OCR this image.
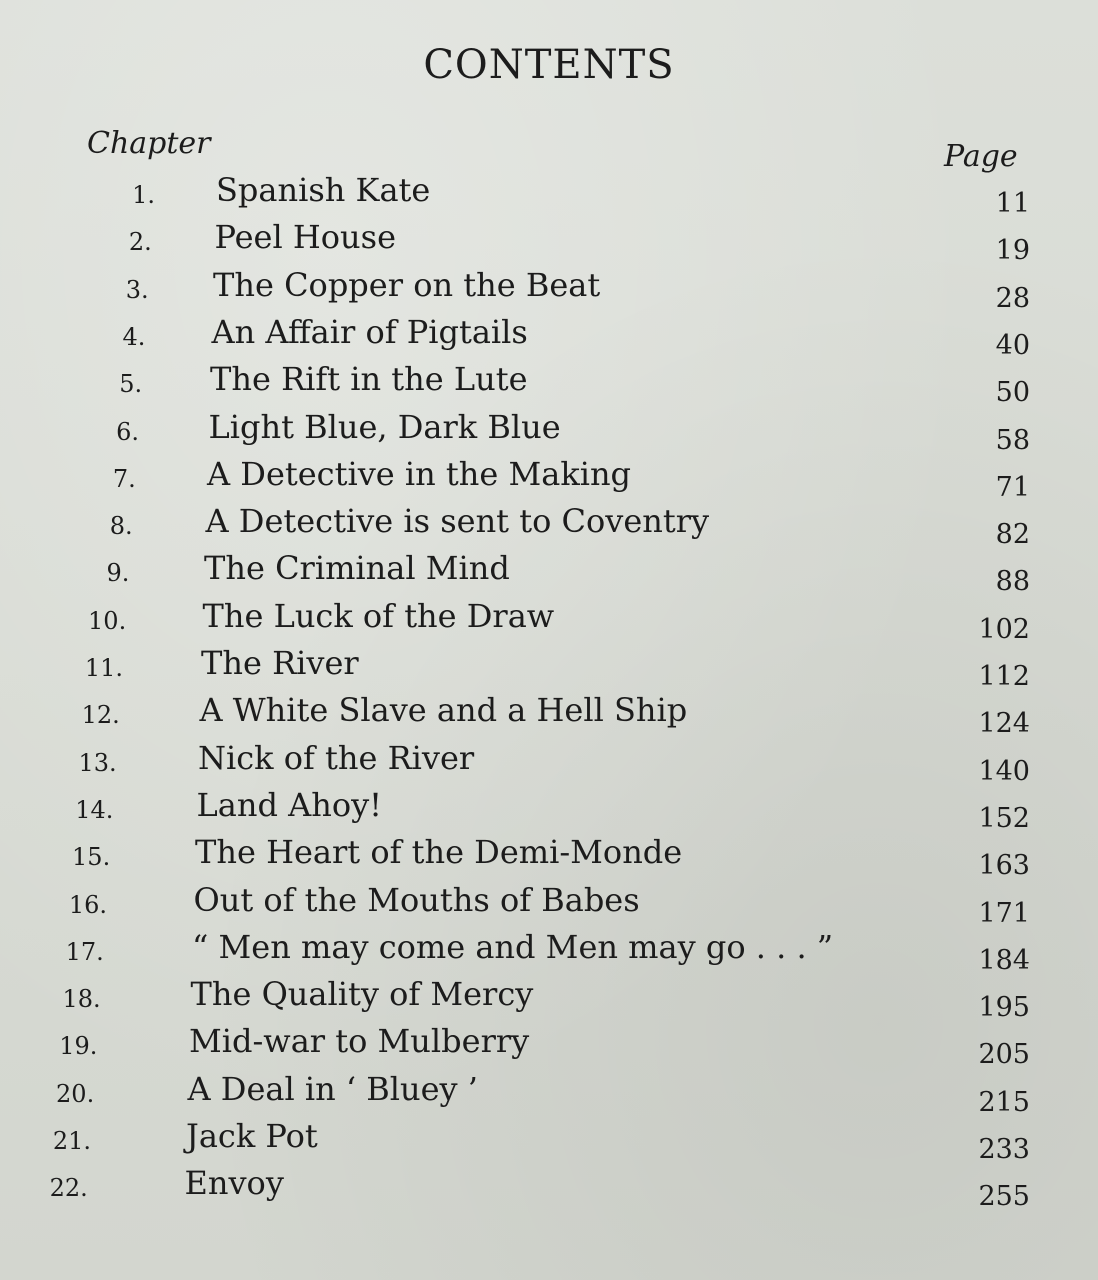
CONTENTS
Chapter	Page
1. Spanish Kate	11
2. Peel House	19
3. The Copper on the Beat	28
4. An Affair of Pigtails	40
5. The Rift in the Lute	50
6. Light Blue, Dark Blue	58
7. A Detective in the Making	71
8. A Detective is sent to Coventry	82
9. The Criminal Mind	88
10. The Luck of the Draw	102
11. The River	112
12. A White Slave and a Hell Ship	124
13.	Nick of the River	140
14.	Land Ahoy!	152
15.	The Heart of the Demi-Monde	163
16.	Out of the Mouths of Babes	171
17.	“ Men may come and Men may go . . . ”	184
18.	The Quality of Mercy	195
19.	Mid-war to Mulberry	205
20.	A Deal in ‘ Bluey ’	215
21.	Jack Pot	233
22.	Envoy	255
